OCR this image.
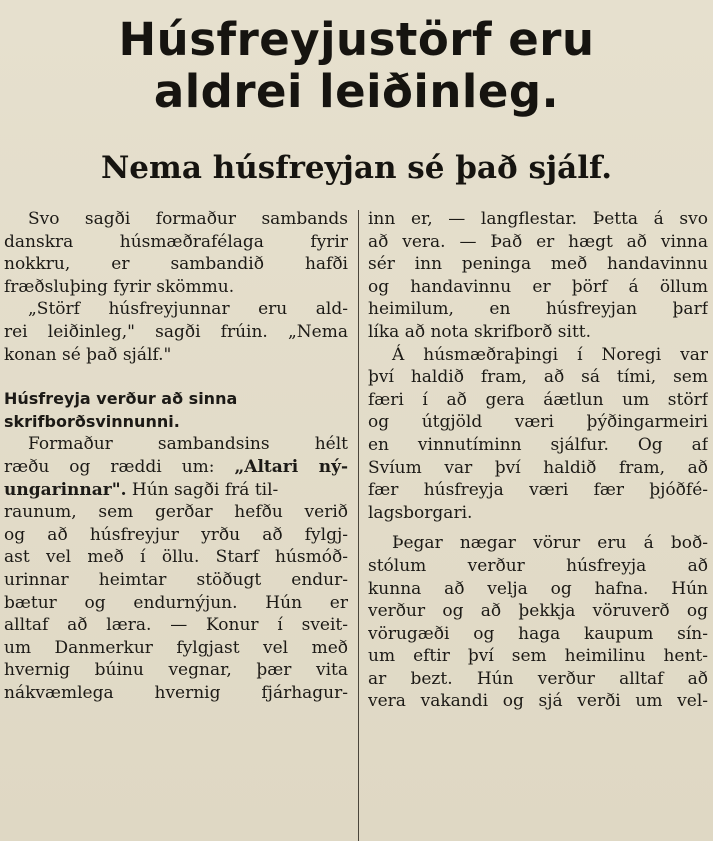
Húsfreyjustörf eru
aldrei leiðinleg.
Nema húsfreyjan sé það sjálf.
Svo sagði formaður sambands
danskra húsmæðrafélaga fyrir
nokkru, er sambandið hafði
fræðsluþing fyrir skömmu.
„Störf húsfreyjunnar eru ald-
rei leiðinleg," sagði frúin. „Nema
konan sé það sjálf."
Húsfreyja verður að sinna
skrifborðsvinnunni.
Formaður sambandsins hélt
ræðu og ræddi um: „Altari ný-
ungarinnar". Hún sagði frá til-
raunum, sem gerðar hefðu verið
og að húsfreyjur yrðu að fylgj-
ast vel með í öllu. Starf húsmóð-
urinnar heimtar stöðugt endur-
bætur og endurnýjun. Hún er
alltaf að læra. — Konur í sveit-
um Danmerkur fylgjast vel með
hvernig búinu vegnar, þær vita
nákvæmlega hvernig fjárhagur-
inn er, — langflestar. Þetta á svo
að vera. — Það er hægt að vinna
sér inn peninga með handavinnu
og handavinnu er þörf á öllum
heimilum, en húsfreyjan þarf
líka að nota skrifborð sitt.
Á húsmæðraþingi í Noregi var
því haldið fram, að sá tími, sem
færi í að gera áætlun um störf
og útgjöld væri þýðingarmeiri
en vinnutíminn sjálfur. Og af
Svíum var því haldið fram, að
fær húsfreyja væri fær þjóðfé-
lagsborgari.
Þegar nægar vörur eru á boð-
stólum verður húsfreyja að
kunna að velja og hafna. Hún
verður og að þekkja vöruverð og
vörugæði og haga kaupum sín-
um eftir því sem heimilinu hent-
ar bezt. Hún verður alltaf að
vera vakandi og sjá verði um vel-
